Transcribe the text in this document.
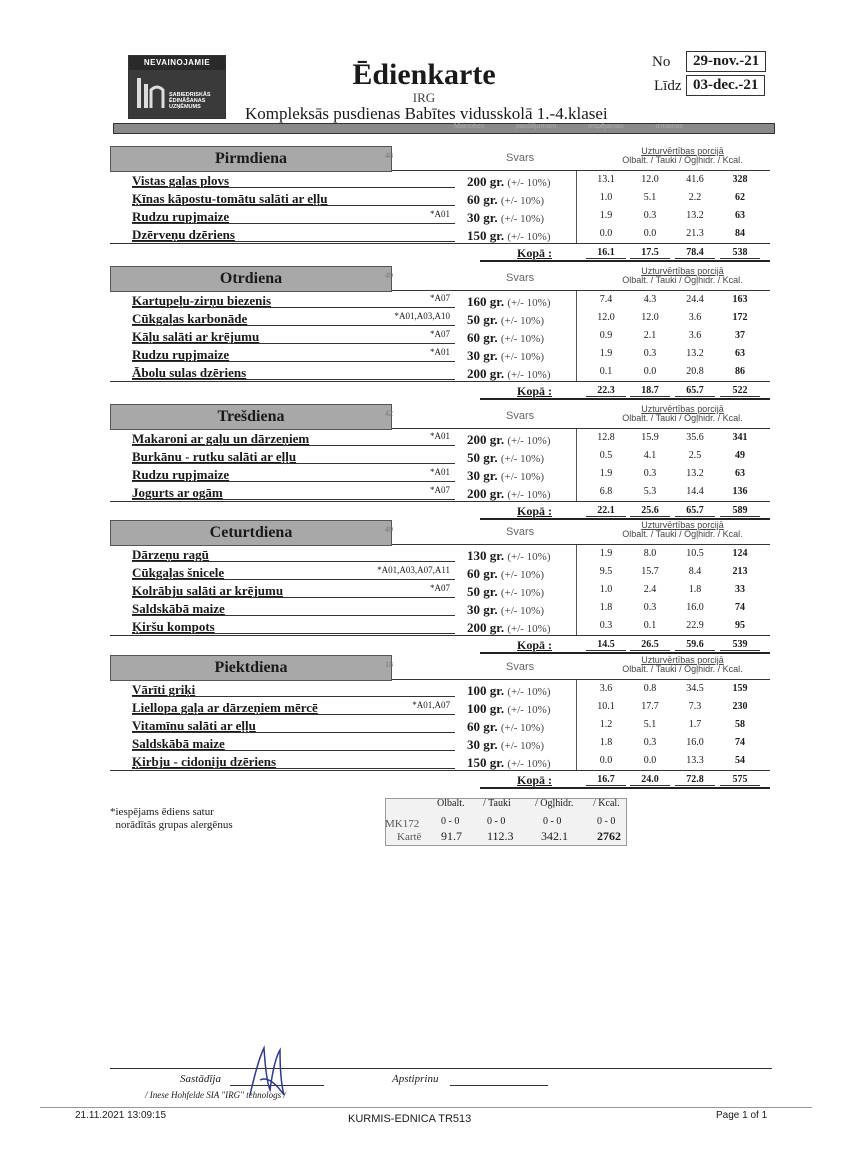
NEVAINOJAMIE
SABIEDRISKĀS ĒDINĀŠANAS UZŅĒMUMS
Ēdienkarte
IRG
Kompleksās pusdienas Babītes vidusskolā 1.-4.klasei
No	29-nov.-21
Līdz 03-dec.-21
Mainoties	pasūtījumam	iespējamas	izmaiņas
Pirmdiena	48	Svars
Uzturvērtības porcijā
Olbalt. / Tauki / Ogļhidr. / Kcal.
Vistas gaļas plovs	200 gr. (+/- 10%)	13.1	12.0	41.6	328
Ķīnas kāpostu-tomātu salāti ar eļļu	60 gr. (+/- 10%)	1.0	5.1	2.2	62
Rudzu rupjmaize	*A01 30 gr. (+/- 10%)	1.9	0.3	13.2	63
Dzērveņu dzēriens	150 gr. (+/- 10%)	0.0	0.0	21.3	84
Kopā :	16.1	17.5	78.4	538
Otrdiena	49	Svars
Uzturvērtības porcijā
Olbalt. / Tauki / Ogļhidr. / Kcal.
Kartupeļu-zirņu biezenis	*A07 160 gr. (+/- 10%)	7.4	4.3	24.4	163
Cūkgaļas karbonāde	*A01,A03,A10 50 gr. (+/- 10%)	12.0	12.0	3.6	172
Kāļu salāti ar krējumu	*A07 60 gr. (+/- 10%)	0.9	2.1	3.6	37
Rudzu rupjmaize	*A01 30 gr. (+/- 10%)	1.9	0.3	13.2	63
Ābolu sulas dzēriens	200 gr. (+/- 10%)	0.1	0.0	20.8	86
Kopā :	22.3	18.7	65.7	522
Trešdiena	42	Svars
Uzturvērtības porcijā
Olbalt. / Tauki / Ogļhidr. / Kcal.
Makaroni ar gaļu un dārzeņiem	*A01 200 gr. (+/- 10%)	12.8	15.9	35.6	341
Burkānu - rutku salāti ar eļļu	50 gr. (+/- 10%)	0.5	4.1	2.5	49
Rudzu rupjmaize	*A01 30 gr. (+/- 10%)	1.9	0.3	13.2	63
Jogurts ar ogām	*A07 200 gr. (+/- 10%)	6.8	5.3	14.4	136
Kopā :	22.1	25.6	65.7	589
Ceturtdiena	49	Svars
Uzturvērtības porcijā
Olbalt. / Tauki / Ogļhidr. / Kcal.
Dārzeņu ragū	130 gr. (+/- 10%)	1.9	8.0	10.5	124
Cūkgaļas šnicele	*A01,A03,A07,A11 60 gr. (+/- 10%)	9.5	15.7	8.4	213
Kolrābju salāti ar krējumu	*A07 50 gr. (+/- 10%)	1.0	2.4	1.8	33
Saldskābā maize	30 gr. (+/- 10%)	1.8	0.3	16.0	74
Ķiršu kompots	200 gr. (+/- 10%)	0.3	0.1	22.9	95
Kopā :	14.5	26.5	59.6	539
Piektdiena	18	Svars
Uzturvērtības porcijā
Olbalt. / Tauki / Ogļhidr. / Kcal.
Vārīti griķi	100 gr. (+/- 10%)	3.6	0.8	34.5	159
Liellopa gaļa ar dārzeņiem mērcē	*A01,A07 100 gr. (+/- 10%)	10.1	17.7	7.3	230
Vitamīnu salāti ar eļļu	60 gr. (+/- 10%)	1.2	5.1	1.7	58
Saldskābā maize	30 gr. (+/- 10%)	1.8	0.3	16.0	74
Ķirbju - cidoniju dzēriens	150 gr. (+/- 10%)	0.0	0.0	13.3	54
Kopā :	16.7	24.0	72.8	575
*iespējams ēdiens satur
norādītās grupas alergēnus
Olbalt. / Tauki / Ogļhidr. / Kcal.
MK172 0 - 0	0 - 0	0 - 0	0 - 0
Kartē 91.7 112.3 342.1 2762
Sastādīja
/ Inese Hohfelde SIA "IRG" tehnologs /
Apstiprinu
21.11.2021 13:09:15	KURMIS-EDNICA TR513	Page 1 of 1
